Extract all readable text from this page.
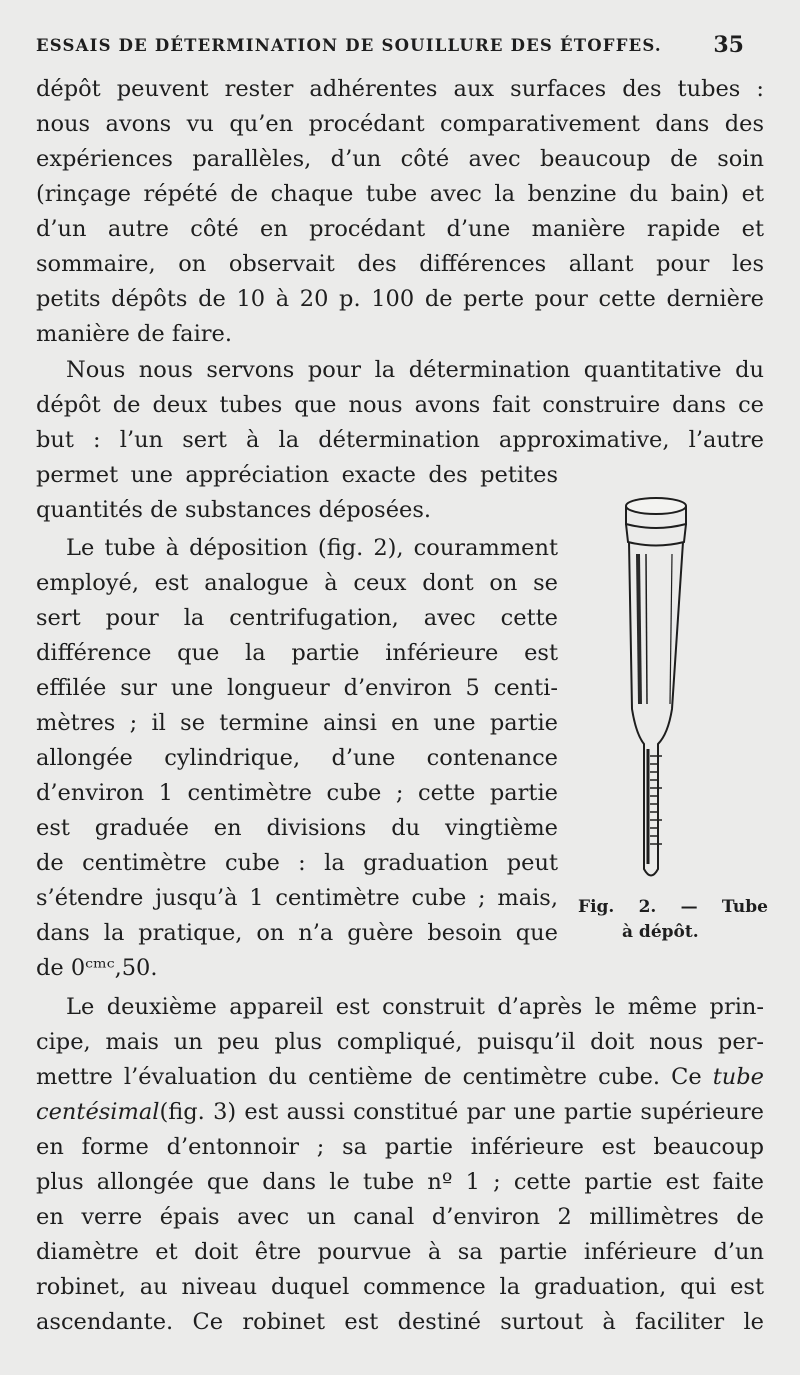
ESSAIS DE DÉTERMINATION DE SOUILLURE DES ÉTOFFES. 35
dépôt peuvent rester adhérentes aux surfaces des tubes :
nous avons vu qu’en procédant comparativement dans des
expériences parallèles, d’un côté avec beaucoup de soin
(rinçage répété de chaque tube avec la benzine du bain) et
d’un autre côté en procédant d’une manière rapide et
sommaire, on observait des différences allant pour les
petits dépôts de 10 à 20 p. 100 de perte pour cette dernière
manière de faire.
Nous nous servons pour la détermination quantitative du
dépôt de deux tubes que nous avons fait construire dans ce
but : l’un sert à la détermination approximative, l’autre
permet une appréciation exacte des petites
quantités de substances déposées.
Le tube à déposition (fig. 2), couramment
employé, est analogue à ceux dont on se
sert pour la centrifugation, avec cette
différence que la partie inférieure est
effilée sur une longueur d’environ 5 centi-
mètres ; il se termine ainsi en une partie
allongée cylindrique, d’une contenance
d’environ 1 centimètre cube ; cette partie
est graduée en divisions du vingtième
de centimètre cube : la graduation peut
s’étendre jusqu’à 1 centimètre cube ; mais,
dans la pratique, on n’a guère besoin que
de 0ᶜᵐᶜ,50.
Le deuxième appareil est construit d’après le même prin-
cipe, mais un peu plus compliqué, puisqu’il doit nous per-
mettre l’évaluation du centième de centimètre cube. Ce tube
centésimal(fig. 3) est aussi constitué par une partie supérieure
en forme d’entonnoir ; sa partie inférieure est beaucoup
plus allongée que dans le tube nº 1 ; cette partie est faite
en verre épais avec un canal d’environ 2 millimètres de
diamètre et doit être pourvue à sa partie inférieure d’un
robinet, au niveau duquel commence la graduation, qui est
ascendante. Ce robinet est destiné surtout à faciliter le
Fig. 2. — Tube
à dépôt.
